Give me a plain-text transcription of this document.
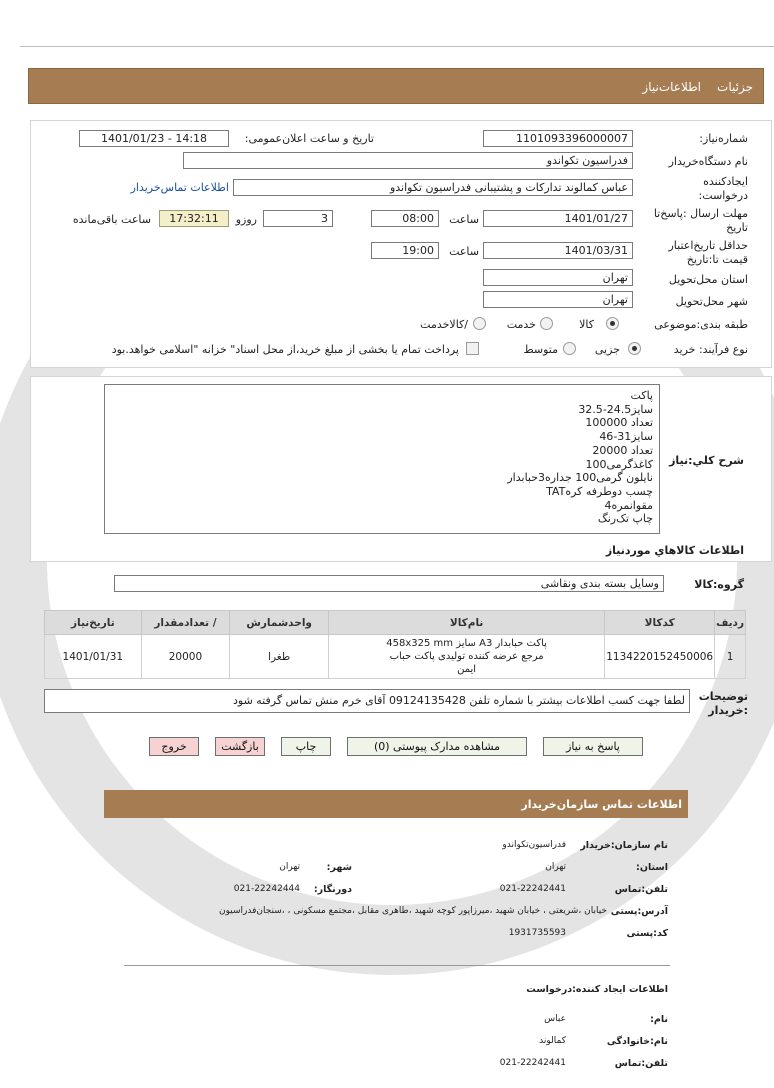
جزئیات
اطلاعات‌نیاز
شماره‌نیاز:
1101093396000007
تاریخ و ساعت اعلان‌عمومی:
1401/01/23 - 14:18
نام دستگاه‌خریدار
فدراسیون تکواندو
ایجادکننده
درخواست:
عباس کمالوند تدارکات و پشتیبانی فدراسیون تکواندو
اطلاعات تماس‌خریدار
مهلت ارسال :پاسخ‌تا
تاریخ
1401/01/27
ساعت
08:00
3
روزو
17:32:11
ساعت باقی‌مانده
حداقل تاریخ‌اعتبار
قیمت تا:تاریخ
1401/03/31
ساعت
19:00
استان محل‌تحویل
تهران
شهر محل‌تحویل
تهران
طبقه بندی:موضوعی
کالا
خدمت
/کالاخدمت
نوع فرآیند: خرید
جزیی
متوسط
پرداخت تمام یا بخشی از مبلغ خرید،از محل اسناد" خزانه "اسلامی خواهد.بود
شرح کلي:نیاز
پاکت
سایز24.5-32.5
تعداد 100000
سایز31-46
تعداد 20000
کاغذگرمی100
نایلون گرمی100 جداره3حبابدار
چسب دوطرفه کرهTAT
مقوانمره4
چاپ تک‌رنگ
اطلاعات کالاهاي موردنیاز
گروه:کالا
وسایل بسته بندی ونقاشی
ردیف	کدکالا	نام‌کالا	واحدشمارش	/ تعدادمقدار	تاریخ‌نیاز
1	1134220152450006	پاکت حبابدار A3 سایز 458x325 mm
مرجع عرضه کننده تولیدی پاکت حباب
ایمن	طغرا	20000	1401/01/31
توضیحات
:خریدار
لطفا جهت کسب اطلاعات بیشتر با شماره تلفن 09124135428 آقای خرم منش تماس گرفته شود
پاسخ به نیاز
مشاهده مدارک پیوستی (0)
چاپ
بازگشت
خروج
اطلاعات تماس سازمان‌خریدار
نام سازمان:خریدار
فدراسیون‌تکواندو
استان:
تهران
شهر:
تهران
تلفن:تماس
021-22242441
دورنگار:
021-22242444
آدرس:پستی
خیابان ،شریعتی ، خیابان شهید ،میرزاپور کوچه شهید ،طاهری مقابل ،مجتمع مسکونی ، ،سنجان‌فدراسیون
کد:پستی
1931735593
اطلاعات ایجاد کننده:درخواست
نام:
عباس
نام:خانوادگی
کمالوند
تلفن:تماس
021-22242441
